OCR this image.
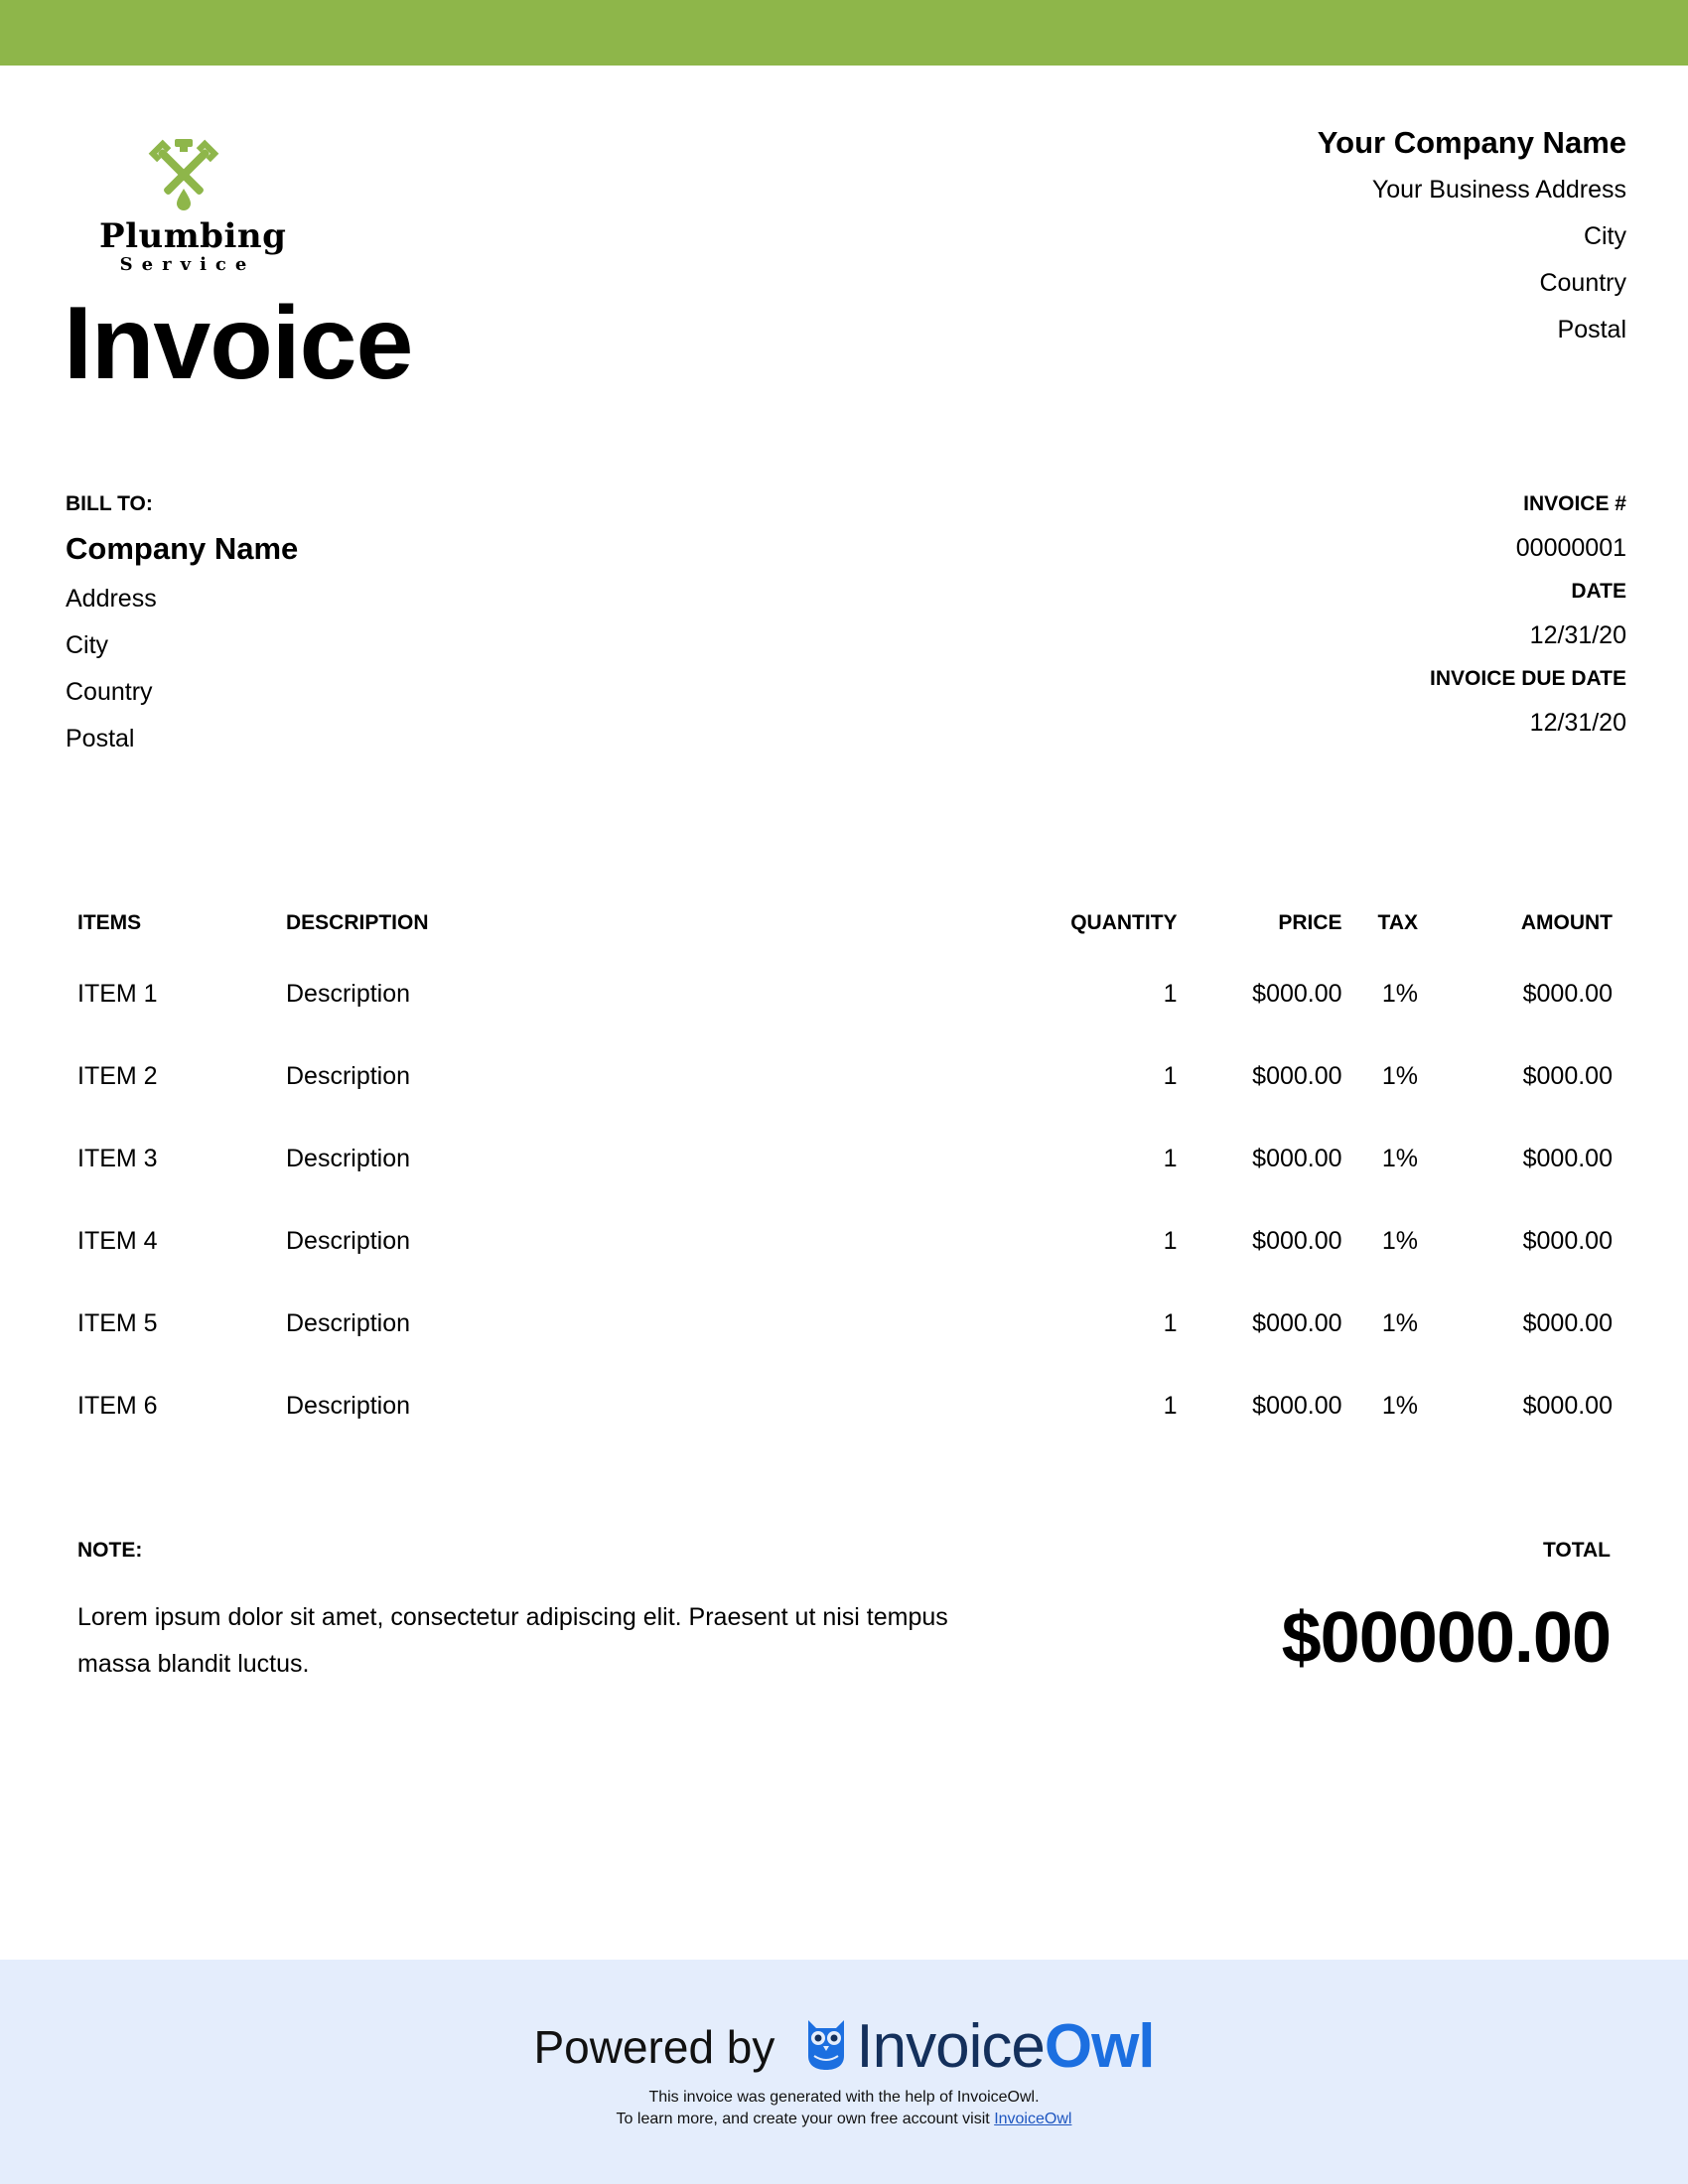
Plumbing
Service
Invoice
Your Company Name
Your Business Address
City
Country
Postal
BILL TO:
Company Name
Address
City
Country
Postal
INVOICE #
00000001
DATE
12/31/20
INVOICE DUE DATE
12/31/20
ITEMS	DESCRIPTION	QUANTITY	PRICE	TAX	AMOUNT
ITEM 1	Description	1	$000.00	1%	$000.00
ITEM 2	Description	1	$000.00	1%	$000.00
ITEM 3	Description	1	$000.00	1%	$000.00
ITEM 4	Description	1	$000.00	1%	$000.00
ITEM 5	Description	1	$000.00	1%	$000.00
ITEM 6	Description	1	$000.00	1%	$000.00
NOTE:
Lorem ipsum dolor sit amet, consectetur adipiscing elit. Praesent ut nisi tempus massa blandit luctus.
TOTAL
$00000.00
Powered by Invoice Owl
This invoice was generated with the help of InvoiceOwl.
To learn more, and create your own free account visit InvoiceOwl
